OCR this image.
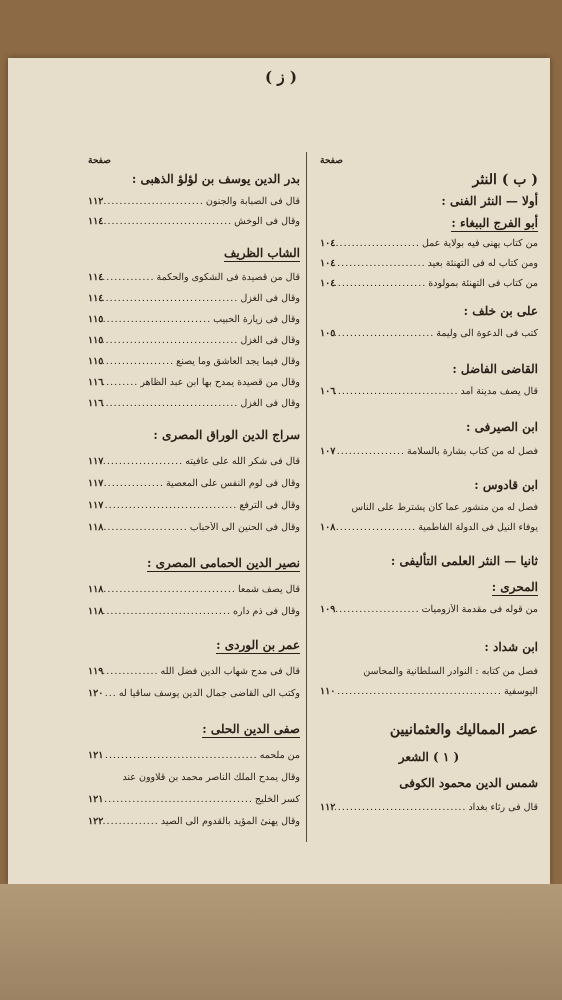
( ز )
صفحة
( ب ) النثر
أولا — النثر الفنى :
أبو الفرج الببغاء :
من كتاب يهنى فيه بولاية عمل
.....
١٠٤
ومن كتاب له فى التهنئة بعيد
.....
١٠٤
من كتاب فى التهنئة بمولودة
.....
١٠٤
على بن خلف :
كتب فى الدعوة الى وليمة
.....
١٠٥
القاضى الفاضل :
قال يصف مدينة آمد
.....
١٠٦
ابن الصيرفى :
فصل له من كتاب بشارة بالسلامة
.....
١٠٧
ابن قادوس :
فصل له من منشور عما كان يشترط على الناس
يوفاء النيل فى الدولة الفاطمية
.....
١٠٨
ثانيا — النثر العلمى التأليفى :
المحرى :
من قوله فى مقدمة الأزوميات
.....
١٠٩
ابن شداد :
فصل من كتابه : النوادر السلطانية والمحاسن
اليوسفية
.....
١١٠
عصر المماليك والعثمانيين
( ١ ) الشعر
شمس الدين محمود الكوفى
قال فى رثاء بغداد
.....
١١٢
صفحة
بدر الدين يوسف بن لؤلؤ الذهبى :
قال فى الصبابة والجنون
.....
١١٢
وقال فى الوخش
.....
١١٤
الشاب الظريف
قال من قصيدة فى الشكوى والحكمة
.....
١١٤
وقال فى الغزل
.....
١١٤
وقال فى زيارة الحبيب
.....
١١٥
وقال فى الغزل
.....
١١٥
وقال فيما يجد العاشق وما يصنع
.....
١١٥
وقال من قصيدة يمدح بها ابن عبد الظاهر
.....
١١٦
وقال فى الغزل
.....
١١٦
سراج الدين الوراق المصرى :
قال فى شكر الله على عافيته
.....
١١٧
وقال فى لوم النفس على المعصية
.....
١١٧
وقال فى الترفع
.....
١١٧
وقال فى الحنين الى الأحباب
.....
١١٨
نصير الدين الحمامى المصرى :
قال يصف شمعا
.....
١١٨
وقال فى ذم داره
.....
١١٨
عمر بن الوردى :
قال فى مدح شهاب الدين فضل الله
.....
١١٩
وكتب الى القاضى جمال الدين يوسف ساقيا له
.....
١٢٠
صفى الدين الحلى :
من ملحمه
.....
١٢١
وقال يمدح الملك الناصر محمد بن قلاوون عند
كسر الخليج
.....
١٢١
وقال يهنئ المؤيد بالقدوم الى الصيد
.....
١٢٢
